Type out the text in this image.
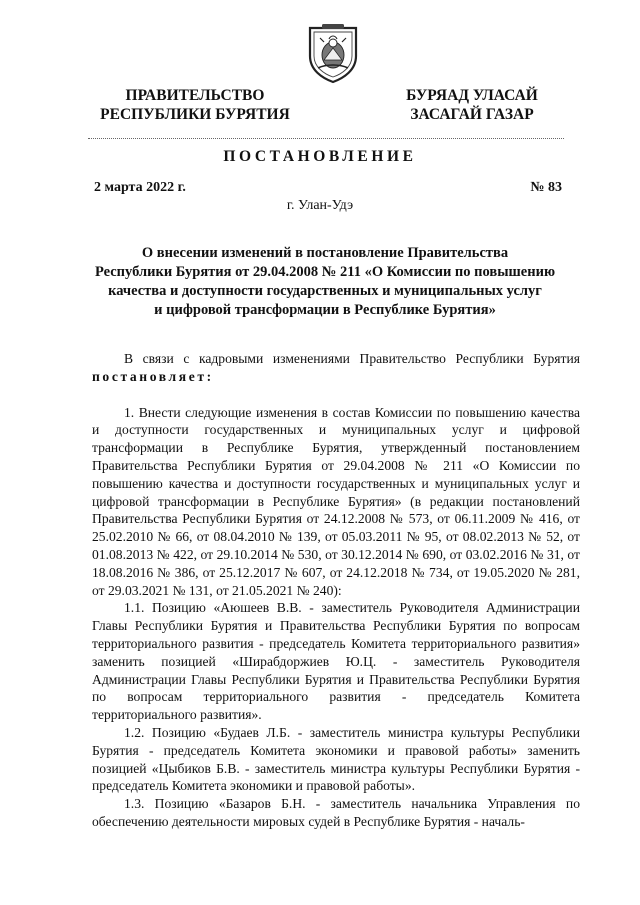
ПРАВИТЕЛЬСТВО
РЕСПУБЛИКИ БУРЯТИЯ
БУРЯАД УЛАСАЙ
ЗАСАГАЙ ГАЗАР
ПОСТАНОВЛЕНИЕ
2 марта 2022 г.	№ 83
г. Улан-Удэ
О внесении изменений в постановление Правительства
Республики Бурятия от 29.04.2008 № 211 «О Комиссии по повышению
качества и доступности государственных и муниципальных услуг
и цифровой трансформации в Республике Бурятия»

В связи с кадровыми изменениями Правительство Республики Бурятия постановляет:

1. Внести следующие изменения в состав Комиссии по повышению качества и доступности государственных и муниципальных услуг и цифровой трансформации в Республике Бурятия, утвержденный постановлением Правительства Республики Бурятия от 29.04.2008 № 211 «О Комиссии по повышению качества и доступности государственных и муниципальных услуг и цифровой трансформации в Республике Бурятия» (в редакции постановлений Правительства Республики Бурятия от 24.12.2008 № 573, от 06.11.2009 № 416, от 25.02.2010 № 66, от 08.04.2010 № 139, от 05.03.2011 № 95, от 08.02.2013 № 52, от 01.08.2013 № 422, от 29.10.2014 № 530, от 30.12.2014 № 690, от 03.02.2016 № 31, от 18.08.2016 № 386, от 25.12.2017 № 607, от 24.12.2018 № 734, от 19.05.2020 № 281, от 29.03.2021 № 131, от 21.05.2021 № 240):

1.1. Позицию «Аюшеев В.В. - заместитель Руководителя Администрации Главы Республики Бурятия и Правительства Республики Бурятия по вопросам территориального развития - председатель Комитета территориального развития» заменить позицией «Ширабдоржиев Ю.Ц. - заместитель Руководителя Администрации Главы Республики Бурятия и Правительства Республики Бурятия по вопросам территориального развития - председатель Комитета территориального развития».

1.2. Позицию «Будаев Л.Б. - заместитель министра культуры Республики Бурятия - председатель Комитета экономики и правовой работы» заменить позицией «Цыбиков Б.В. - заместитель министра культуры Республики Бурятия - председатель Комитета экономики и правовой работы».

1.3. Позицию «Базаров Б.Н. - заместитель начальника Управления по обеспечению деятельности мировых судей в Республике Бурятия - началь-
